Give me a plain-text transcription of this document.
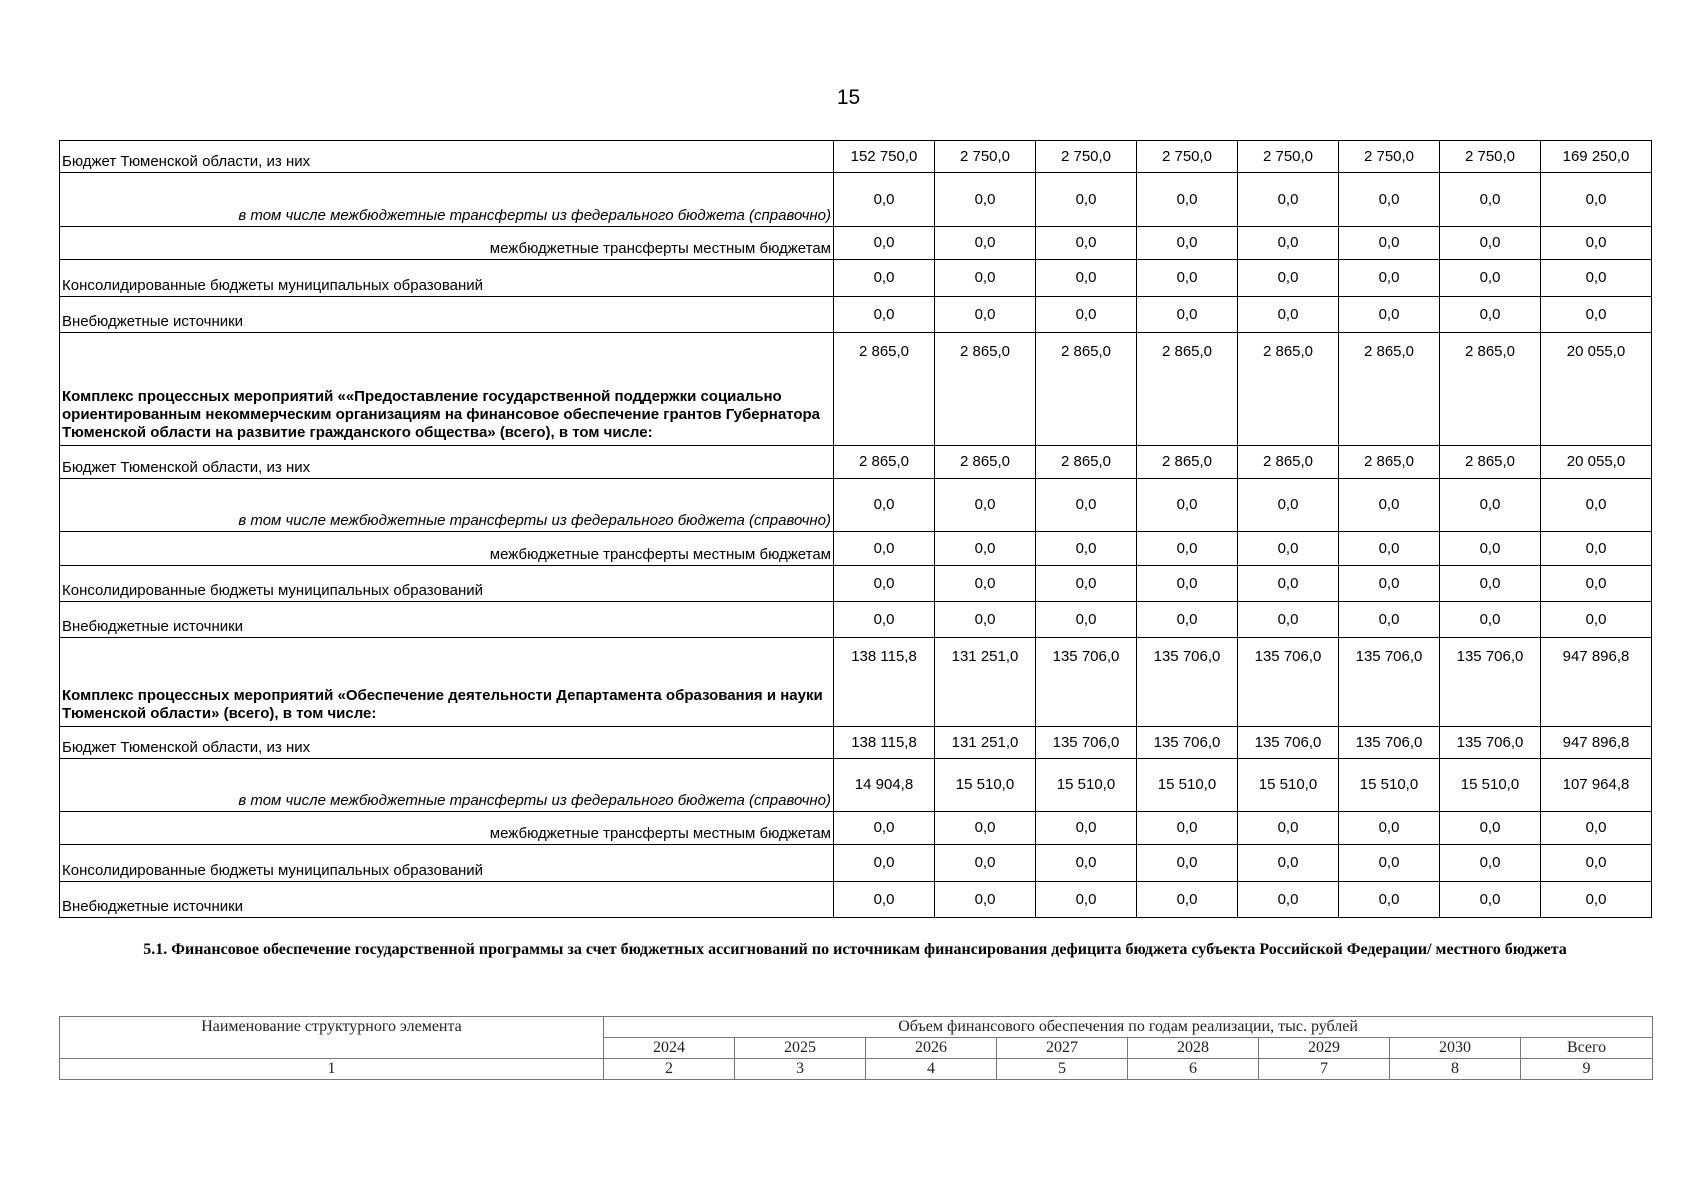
15
Бюджет Тюменской области, из них	152 750,0	2 750,0	2 750,0	2 750,0	2 750,0	2 750,0	2 750,0	169 250,0
в том числе межбюджетные трансферты из федерального бюджета (справочно)	0,0	0,0	0,0	0,0	0,0	0,0	0,0	0,0
межбюджетные трансферты местным бюджетам	0,0	0,0	0,0	0,0	0,0	0,0	0,0	0,0
Консолидированные бюджеты муниципальных образований	0,0	0,0	0,0	0,0	0,0	0,0	0,0	0,0
Внебюджетные источники	0,0	0,0	0,0	0,0	0,0	0,0	0,0	0,0
Комплекс процессных мероприятий ««Предоставление государственной поддержки социально ориентированным некоммерческим организациям на финансовое обеспечение грантов Губернатора Тюменской области на развитие гражданского общества» (всего), в том числе:	2 865,0	2 865,0	2 865,0	2 865,0	2 865,0	2 865,0	2 865,0	20 055,0
Бюджет Тюменской области, из них	2 865,0	2 865,0	2 865,0	2 865,0	2 865,0	2 865,0	2 865,0	20 055,0
в том числе межбюджетные трансферты из федерального бюджета (справочно)	0,0	0,0	0,0	0,0	0,0	0,0	0,0	0,0
межбюджетные трансферты местным бюджетам	0,0	0,0	0,0	0,0	0,0	0,0	0,0	0,0
Консолидированные бюджеты муниципальных образований	0,0	0,0	0,0	0,0	0,0	0,0	0,0	0,0
Внебюджетные источники	0,0	0,0	0,0	0,0	0,0	0,0	0,0	0,0
Комплекс процессных мероприятий «Обеспечение деятельности Департамента образования и науки Тюменской области» (всего), в том числе:	138 115,8	131 251,0	135 706,0	135 706,0	135 706,0	135 706,0	135 706,0	947 896,8
Бюджет Тюменской области, из них	138 115,8	131 251,0	135 706,0	135 706,0	135 706,0	135 706,0	135 706,0	947 896,8
в том числе межбюджетные трансферты из федерального бюджета (справочно)	14 904,8	15 510,0	15 510,0	15 510,0	15 510,0	15 510,0	15 510,0	107 964,8
межбюджетные трансферты местным бюджетам	0,0	0,0	0,0	0,0	0,0	0,0	0,0	0,0
Консолидированные бюджеты муниципальных образований	0,0	0,0	0,0	0,0	0,0	0,0	0,0	0,0
Внебюджетные источники	0,0	0,0	0,0	0,0	0,0	0,0	0,0	0,0
5.1. Финансовое обеспечение государственной программы за счет бюджетных ассигнований по источникам финансирования дефицита бюджета субъекта Российской Федерации/ местного бюджета
Наименование структурного элемента	Объем финансового обеспечения по годам реализации, тыс. рублей							
	2024	2025	2026	2027	2028	2029	2030	Всего
1	2	3	4	5	6	7	8	9
